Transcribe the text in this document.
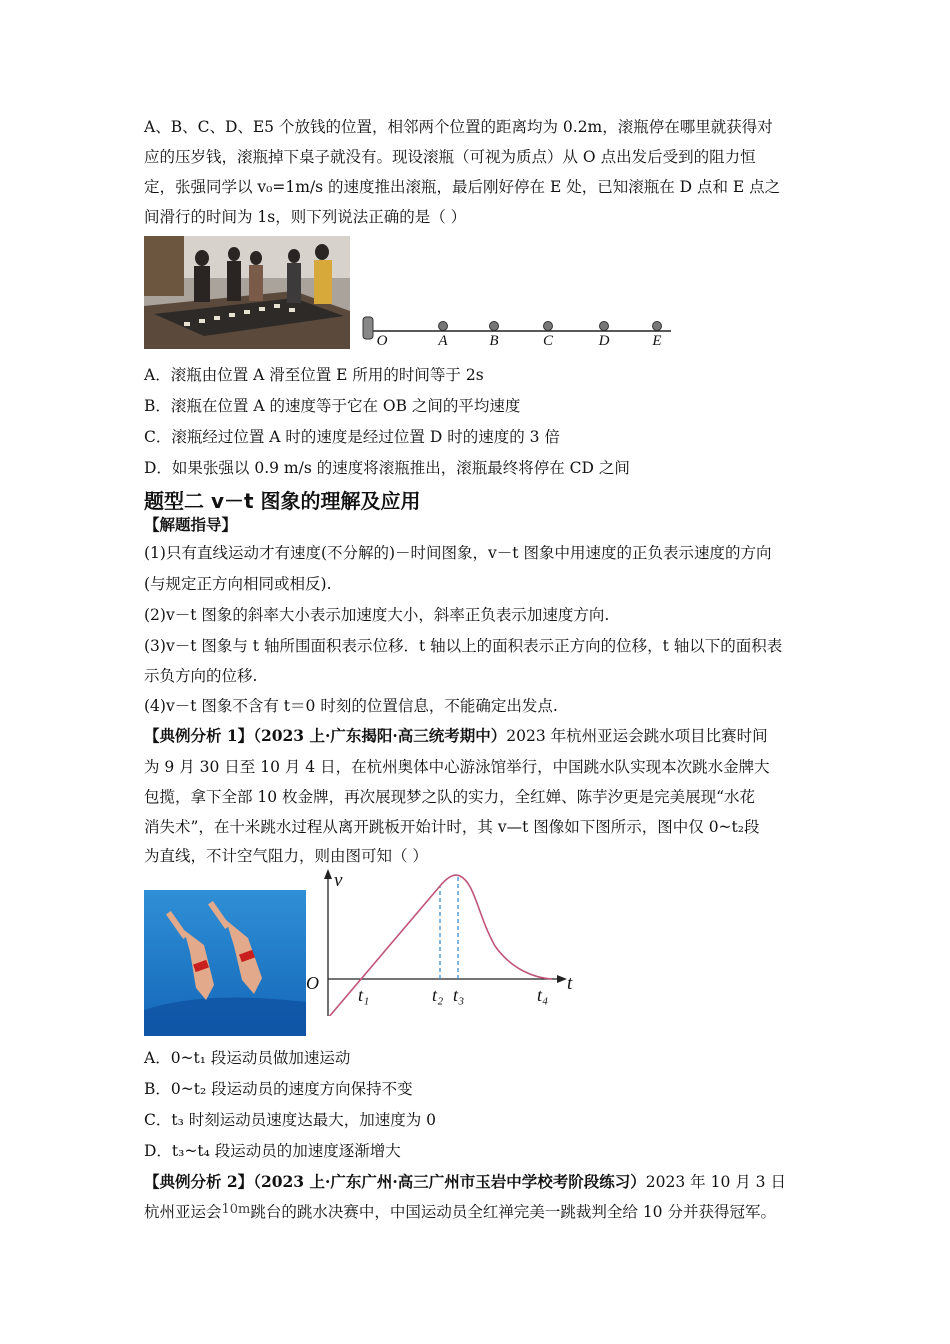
A、B、C、D、E5 个放钱的位置，相邻两个位置的距离均为 0.2m，滚瓶停在哪里就获得对
应的压岁钱，滚瓶掉下桌子就没有。现设滚瓶（可视为质点）从 O 点出发后受到的阻力恒
定，张强同学以 v₀=1m/s 的速度推出滚瓶，最后刚好停在 E 处，已知滚瓶在 D 点和 E 点之
间滑行的时间为 1s，则下列说法正确的是（ ）
O	A	B	C	D	E
A．滚瓶由位置 A 滑至位置 E 所用的时间等于 2s
B．滚瓶在位置 A 的速度等于它在 OB 之间的平均速度
C．滚瓶经过位置 A 时的速度是经过位置 D 时的速度的 3 倍
D．如果张强以 0.9 m/s 的速度将滚瓶推出，滚瓶最终将停在 CD 之间
题型二 v－t 图象的理解及应用
【解题指导】
(1)只有直线运动才有速度(不分解的)－时间图象，v－t 图象中用速度的正负表示速度的方向
(与规定正方向相同或相反).
(2)v－t 图象的斜率大小表示加速度大小，斜率正负表示加速度方向.
(3)v－t 图象与 t 轴所围面积表示位移．t 轴以上的面积表示正方向的位移，t 轴以下的面积表
示负方向的位移.
(4)v－t 图象不含有 t＝0 时刻的位置信息，不能确定出发点.
【典例分析 1】（2023 上·广东揭阳·高三统考期中）2023 年杭州亚运会跳水项目比赛时间
为 9 月 30 日至 10 月 4 日，在杭州奥体中心游泳馆举行，中国跳水队实现本次跳水金牌大
包揽，拿下全部 10 枚金牌，再次展现梦之队的实力，全红婵、陈芋汐更是完美展现“水花
消失术”，在十米跳水过程从离开跳板开始计时，其 v—t 图像如下图所示，图中仅 0~t₂段
为直线，不计空气阻力，则由图可知（ ）
v
t
O
t₁	t₂ t₃	t₄
A．0~t₁ 段运动员做加速运动
B．0~t₂ 段运动员的速度方向保持不变
C．t₃ 时刻运动员速度达最大，加速度为 0
D．t₃~t₄ 段运动员的加速度逐渐增大
【典例分析 2】（2023 上·广东广州·高三广州市玉岩中学校考阶段练习）2023 年 10 月 3 日
杭州亚运会$^{10m}$跳台的跳水决赛中，中国运动员全红禅完美一跳裁判全给 10 分并获得冠军。
